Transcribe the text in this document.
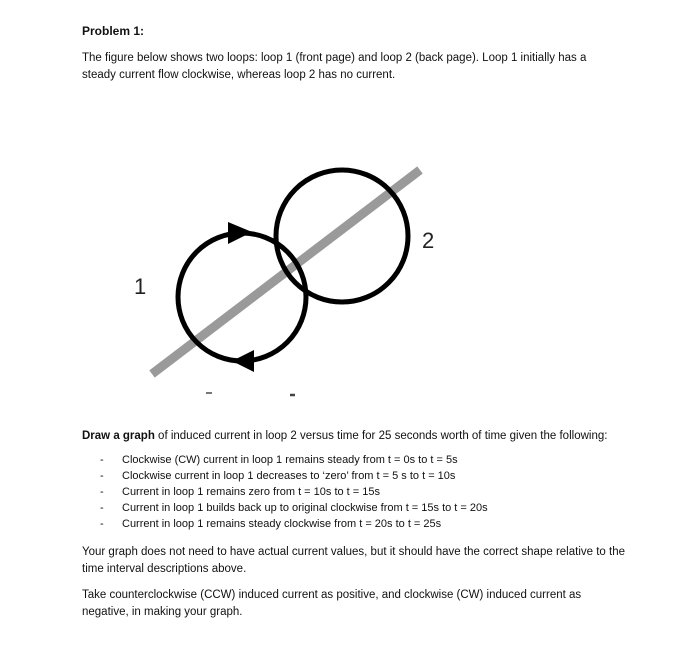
Problem 1:
The figure below shows two loops: loop 1 (front page) and loop 2 (back page). Loop 1 initially has a steady current flow clockwise, whereas loop 2 has no current.
1
2
Draw a graph of induced current in loop 2 versus time for 25 seconds worth of time given the following:
- Clockwise (CW) current in loop 1 remains steady from t = 0s to t = 5s
- Clockwise current in loop 1 decreases to ‘zero’ from t = 5 s to t = 10s
- Current in loop 1 remains zero from t = 10s to t = 15s
- Current in loop 1 builds back up to original clockwise from t = 15s to t = 20s
- Current in loop 1 remains steady clockwise from t = 20s to t = 25s
Your graph does not need to have actual current values, but it should have the correct shape relative to the time interval descriptions above.
Take counterclockwise (CCW) induced current as positive, and clockwise (CW) induced current as negative, in making your graph.
